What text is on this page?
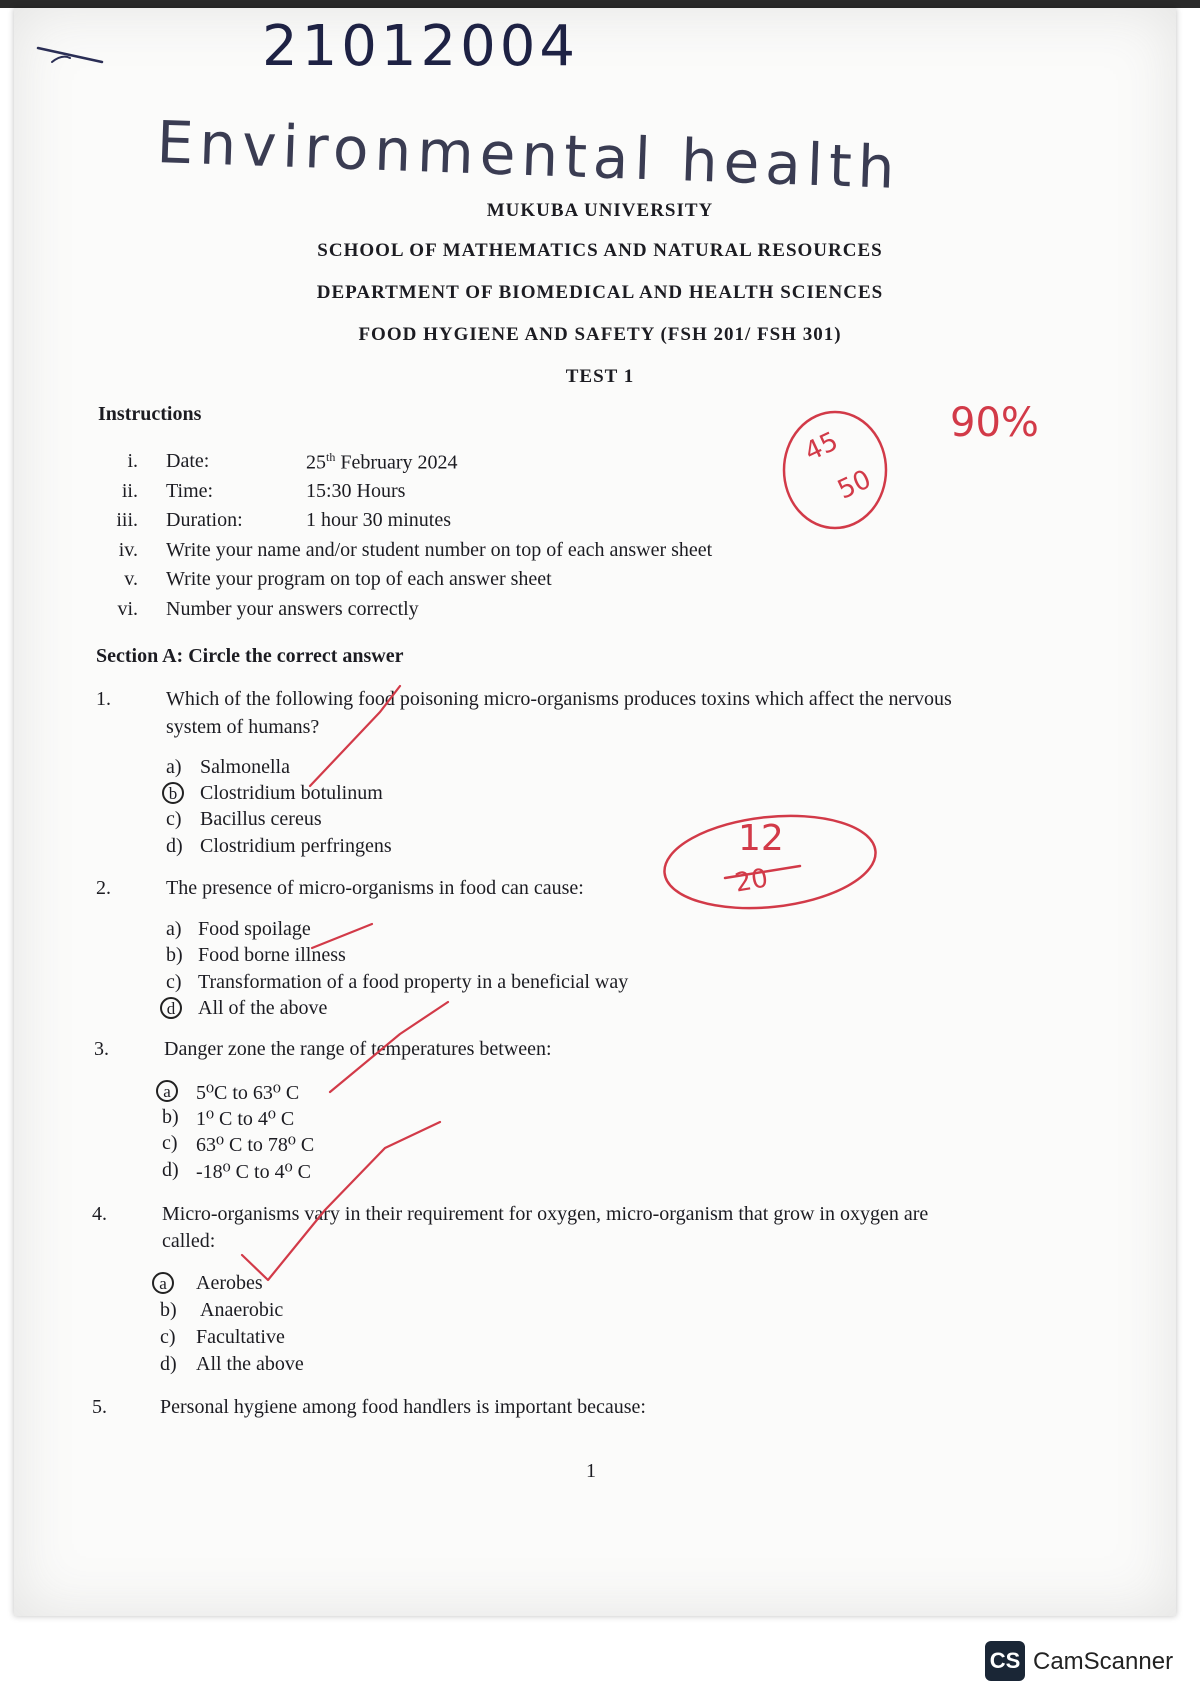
21012004
Environmental health
MUKUBA UNIVERSITY
SCHOOL OF MATHEMATICS AND NATURAL RESOURCES
DEPARTMENT OF BIOMEDICAL AND HEALTH SCIENCES
FOOD HYGIENE AND SAFETY (FSH 201/ FSH 301)
TEST 1
45
50
90%
12
20
Instructions
i. Date:	25th February 2024
ii. Time:	15:30 Hours
iii. Duration:	1 hour 30 minutes
iv. Write your name and/or student number on top of each answer sheet
v. Write your program on top of each answer sheet
vi. Number your answers correctly
Section A: Circle the correct answer
1.	Which of the following food poisoning micro-organisms produces toxins which affect the nervous
system of humans?
a) Salmonella
b	Clostridium botulinum
c) Bacillus cereus
d) Clostridium perfringens
2.	The presence of micro-organisms in food can cause:
a) Food spoilage
b) Food borne illness
c) Transformation of a food property in a beneficial way
d	All of the above
3.	Danger zone the range of temperatures between:
a	5⁰C to 63⁰ C
b) 1⁰ C to 4⁰ C
c) 63⁰ C to 78⁰ C
d) -18⁰ C to 4⁰ C
4.	Micro-organisms vary in their requirement for oxygen, micro-organism that grow in oxygen are
called:
a	Aerobes
b) Anaerobic
c) Facultative
d) All the above
5.	Personal hygiene among food handlers is important because:
1
CS CamScanner
